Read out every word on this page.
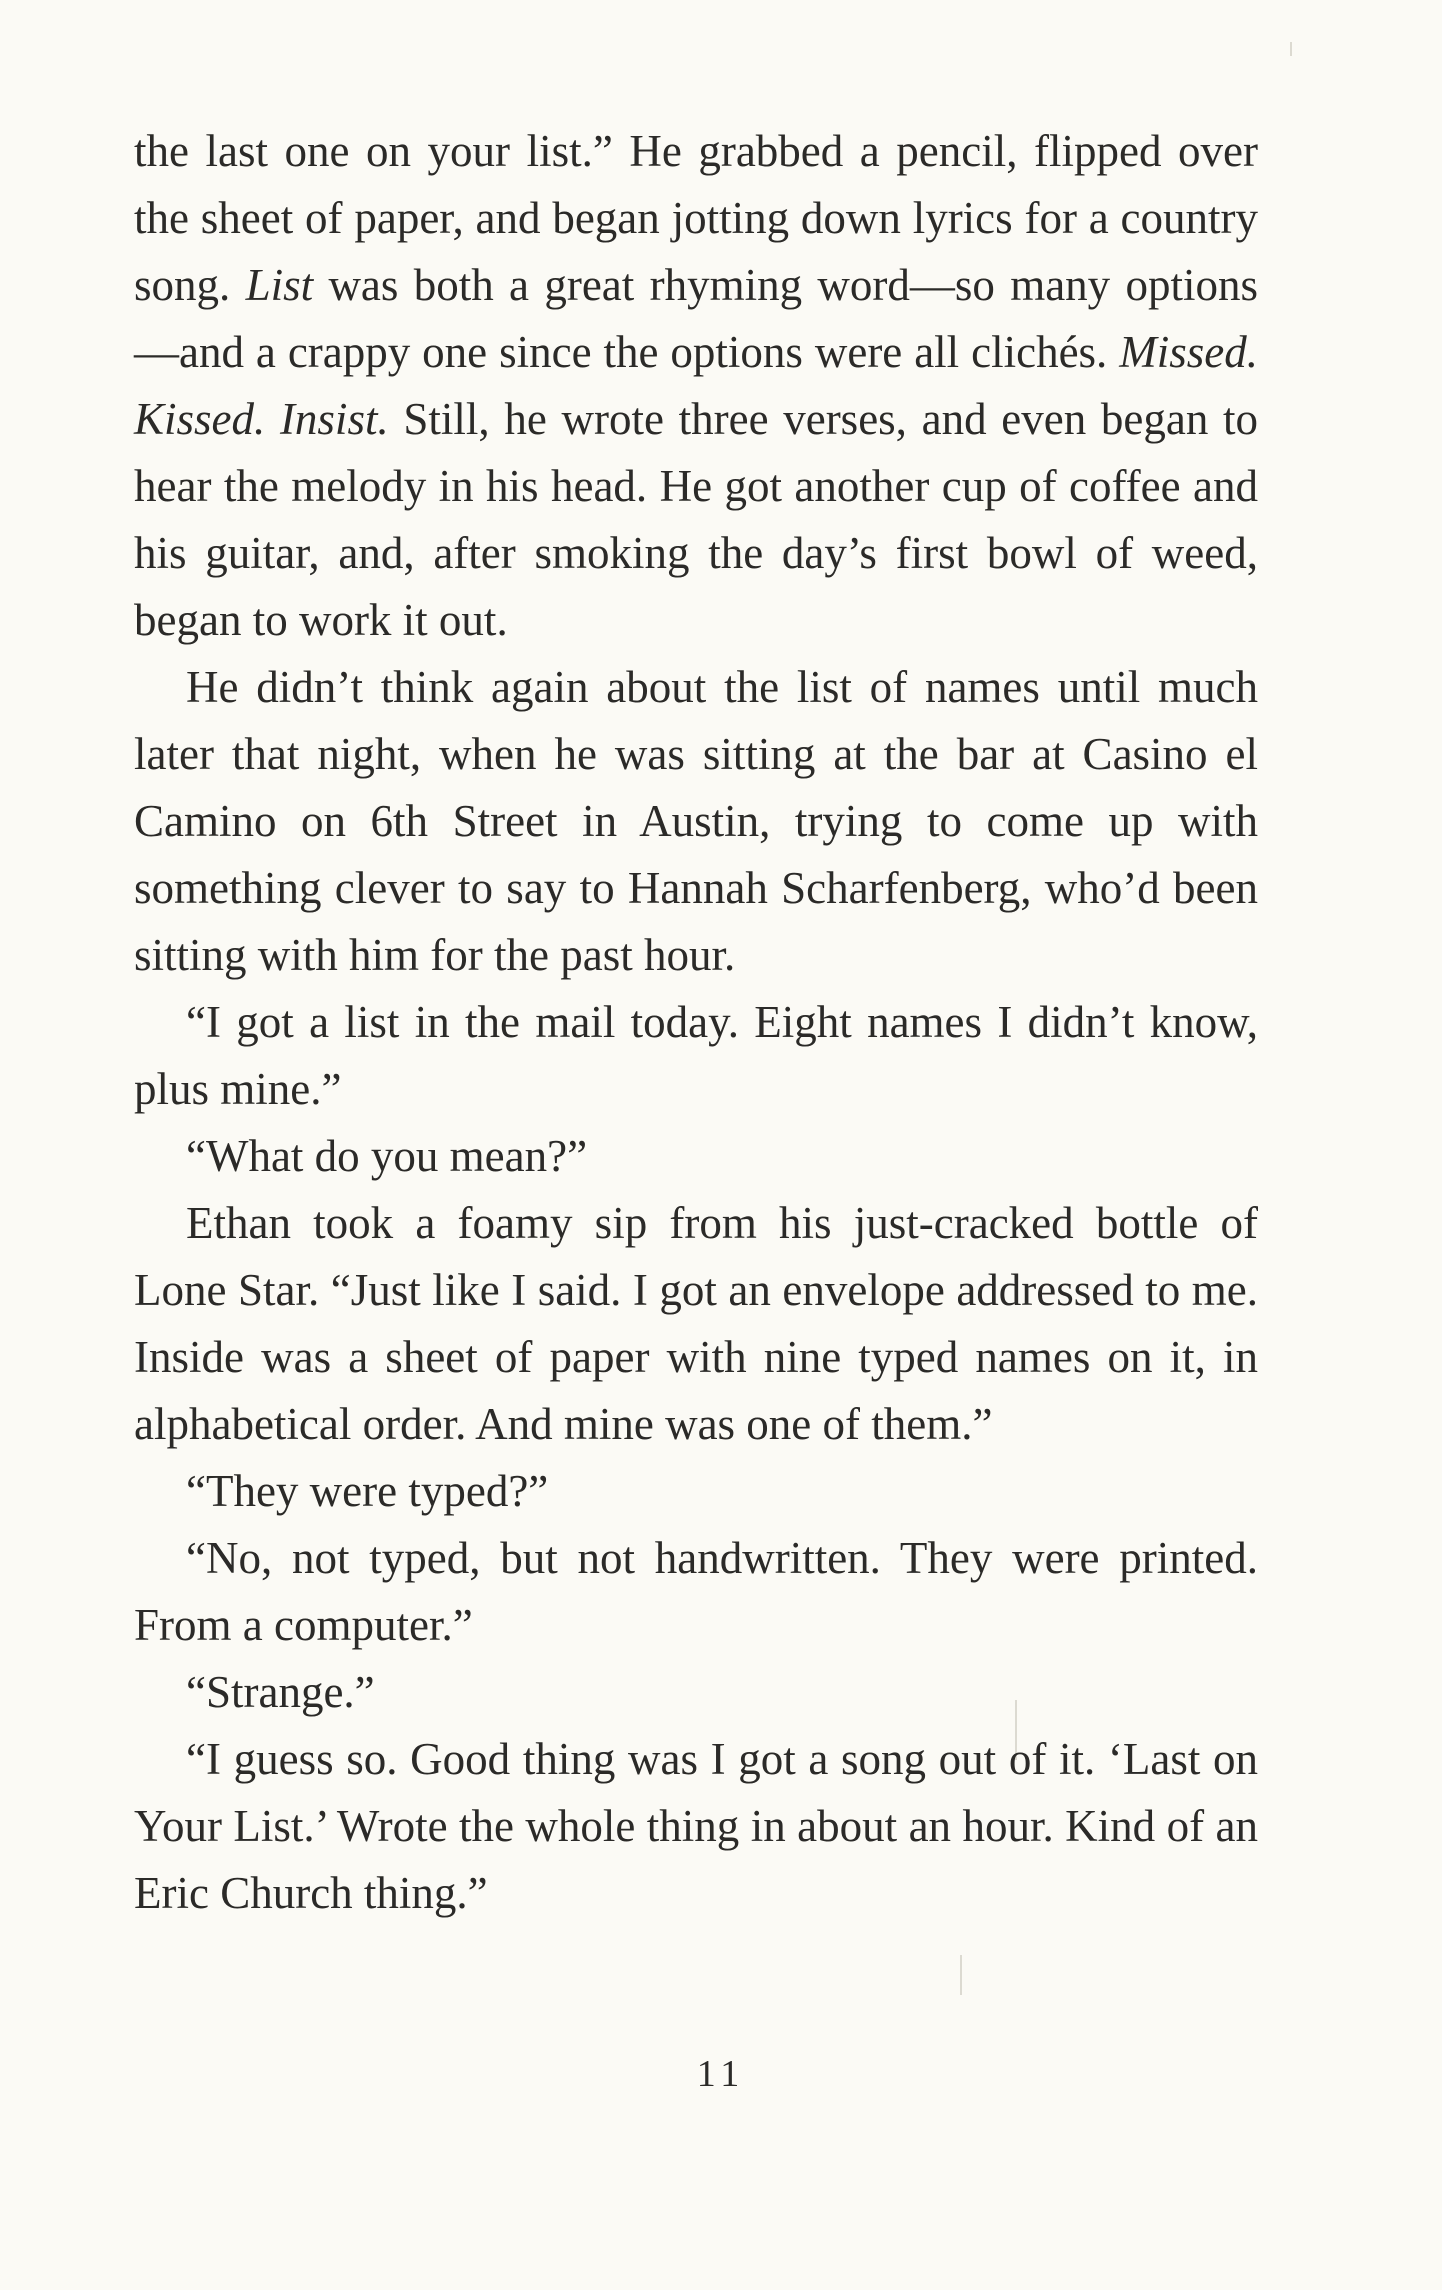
the last one on your list.” He grabbed a pencil, flipped over the sheet of paper, and began jotting down lyrics for a country song. List was both a great rhyming word—so many options—and a crappy one since the options were all clichés. Missed. Kissed. Insist. Still, he wrote three verses, and even began to hear the melody in his head. He got another cup of coffee and his guitar, and, after smoking the day’s first bowl of weed, began to work it out.

He didn’t think again about the list of names until much later that night, when he was sitting at the bar at Casino el Camino on 6th Street in Austin, trying to come up with something clever to say to Hannah Scharfenberg, who’d been sitting with him for the past hour.

“I got a list in the mail today. Eight names I didn’t know, plus mine.”

“What do you mean?”

Ethan took a foamy sip from his just-cracked bottle of Lone Star. “Just like I said. I got an envelope addressed to me. Inside was a sheet of paper with nine typed names on it, in alphabetical order. And mine was one of them.”

“They were typed?”

“No, not typed, but not handwritten. They were printed. From a computer.”

“Strange.”

“I guess so. Good thing was I got a song out of it. ‘Last on Your List.’ Wrote the whole thing in about an hour. Kind of an Eric Church thing.”

11
